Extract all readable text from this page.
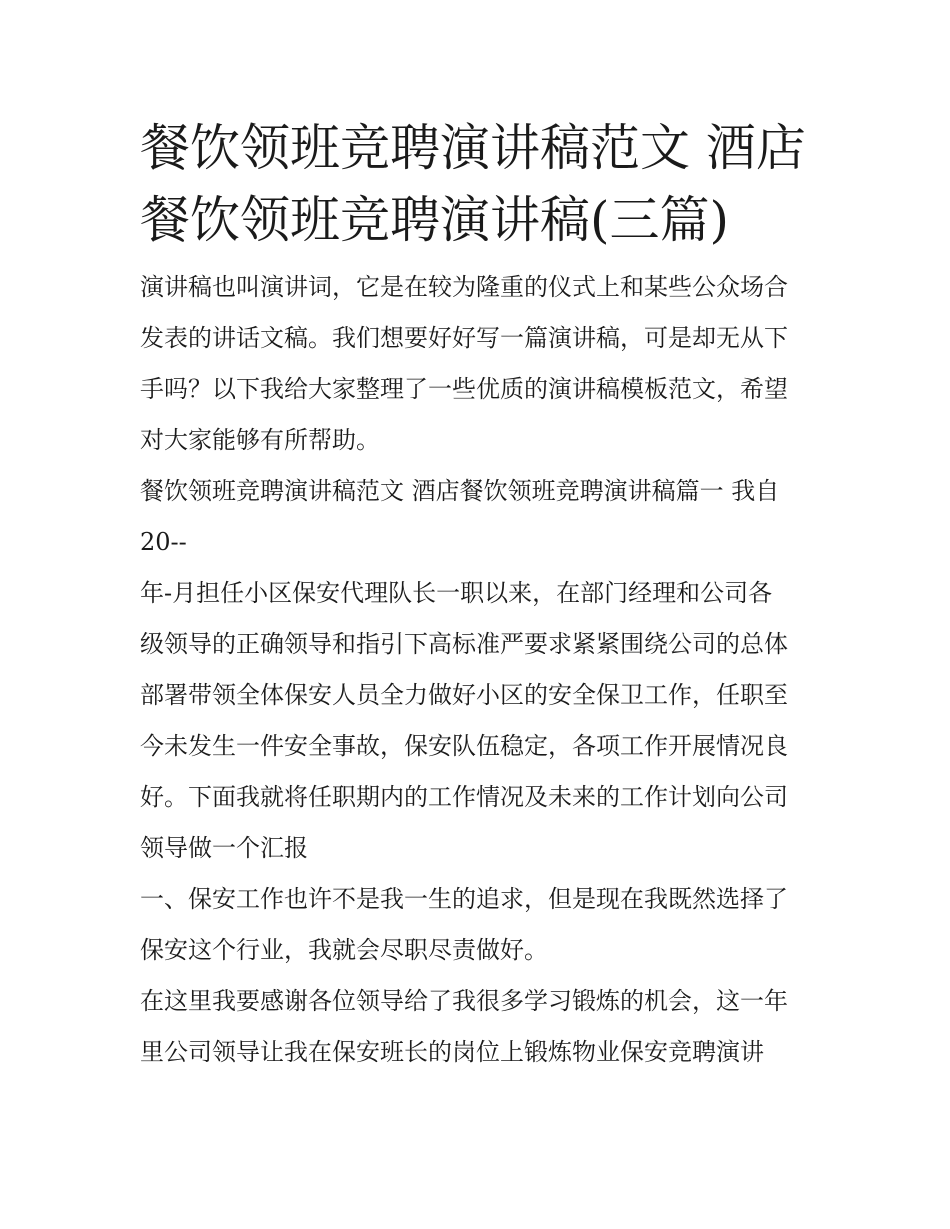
餐饮领班竞聘演讲稿范文 酒店
餐饮领班竞聘演讲稿(三篇)

演讲稿也叫演讲词，它是在较为隆重的仪式上和某些公众场合
发表的讲话文稿。我们想要好好写一篇演讲稿，可是却无从下
手吗？以下我给大家整理了一些优质的演讲稿模板范文，希望
对大家能够有所帮助。

餐饮领班竞聘演讲稿范文 酒店餐饮领班竞聘演讲稿篇一 我自
20--

年-月担任小区保安代理队长一职以来，在部门经理和公司各
级领导的正确领导和指引下高标准严要求紧紧围绕公司的总体
部署带领全体保安人员全力做好小区的安全保卫工作，任职至
今未发生一件安全事故，保安队伍稳定，各项工作开展情况良
好。下面我就将任职期内的工作情况及未来的工作计划向公司
领导做一个汇报

一、保安工作也许不是我一生的追求，但是现在我既然选择了
保安这个行业，我就会尽职尽责做好。

在这里我要感谢各位领导给了我很多学习锻炼的机会，这一年
里公司领导让我在保安班长的岗位上锻炼物业保安竞聘演讲
